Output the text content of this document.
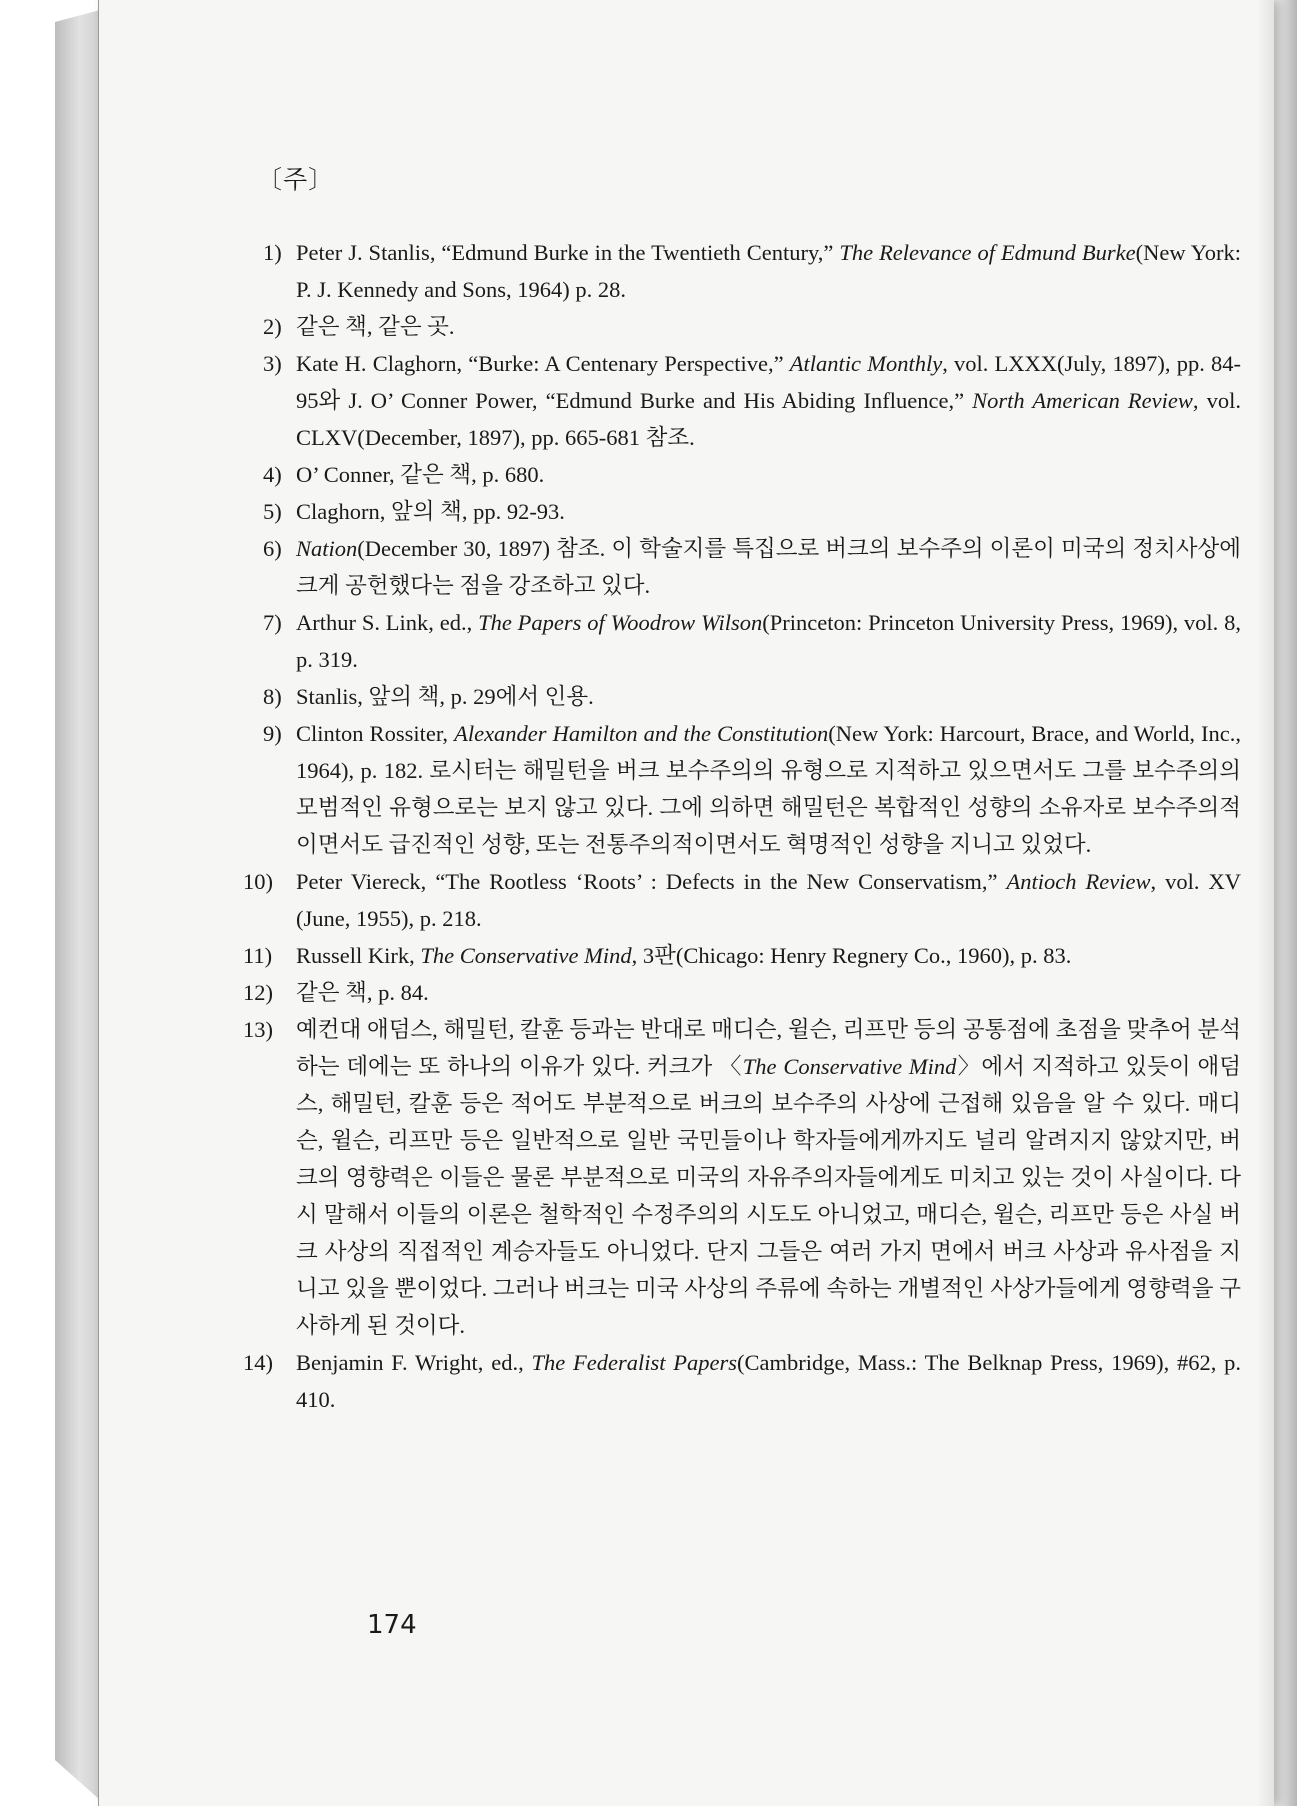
〔주〕
1) Peter J. Stanlis, “Edmund Burke in the Twentieth Century,” The Relevance of Edmund Burke(New York: P. J. Kennedy and Sons, 1964) p. 28.
2) 같은 책, 같은 곳.
3) Kate H. Claghorn, “Burke: A Centenary Perspective,” Atlantic Monthly, vol. LXXX(July, 1897), pp. 84-95와 J. O’ Conner Power, “Edmund Burke and His Abiding Influence,” North American Review, vol. CLXV(December, 1897), pp. 665-681 참조.
4) O’ Conner, 같은 책, p. 680.
5) Claghorn, 앞의 책, pp. 92-93.
6) Nation(December 30, 1897) 참조. 이 학술지를 특집으로 버크의 보수주의 이론이 미국의 정치사상에 크게 공헌했다는 점을 강조하고 있다.
7) Arthur S. Link, ed., The Papers of Woodrow Wilson(Princeton: Princeton University Press, 1969), vol. 8, p. 319.
8) Stanlis, 앞의 책, p. 29에서 인용.
9) Clinton Rossiter, Alexander Hamilton and the Constitution(New York: Harcourt, Brace, and World, Inc., 1964), p. 182. 로시터는 해밀턴을 버크 보수주의의 유형으로 지적하고 있으면서도 그를 보수주의의 모범적인 유형으로는 보지 않고 있다. 그에 의하면 해밀턴은 복합적인 성향의 소유자로 보수주의적이면서도 급진적인 성향, 또는 전통주의적이면서도 혁명적인 성향을 지니고 있었다.
10) Peter Viereck, “The Rootless ‘Roots’ : Defects in the New Conservatism,” Antioch Review, vol. XV (June, 1955), p. 218.
11) Russell Kirk, The Conservative Mind, 3판(Chicago: Henry Regnery Co., 1960), p. 83.
12) 같은 책, p. 84.
13) 예컨대 애덤스, 해밀턴, 칼훈 등과는 반대로 매디슨, 윌슨, 리프만 등의 공통점에 초점을 맞추어 분석하는 데에는 또 하나의 이유가 있다. 커크가 〈The Conservative Mind〉에서 지적하고 있듯이 애덤스, 해밀턴, 칼훈 등은 적어도 부분적으로 버크의 보수주의 사상에 근접해 있음을 알 수 있다. 매디슨, 윌슨, 리프만 등은 일반적으로 일반 국민들이나 학자들에게까지도 널리 알려지지 않았지만, 버크의 영향력은 이들은 물론 부분적으로 미국의 자유주의자들에게도 미치고 있는 것이 사실이다. 다시 말해서 이들의 이론은 철학적인 수정주의의 시도도 아니었고, 매디슨, 윌슨, 리프만 등은 사실 버크 사상의 직접적인 계승자들도 아니었다. 단지 그들은 여러 가지 면에서 버크 사상과 유사점을 지니고 있을 뿐이었다. 그러나 버크는 미국 사상의 주류에 속하는 개별적인 사상가들에게 영향력을 구사하게 된 것이다.
14) Benjamin F. Wright, ed., The Federalist Papers(Cambridge, Mass.: The Belknap Press, 1969), #62, p. 410.
174
